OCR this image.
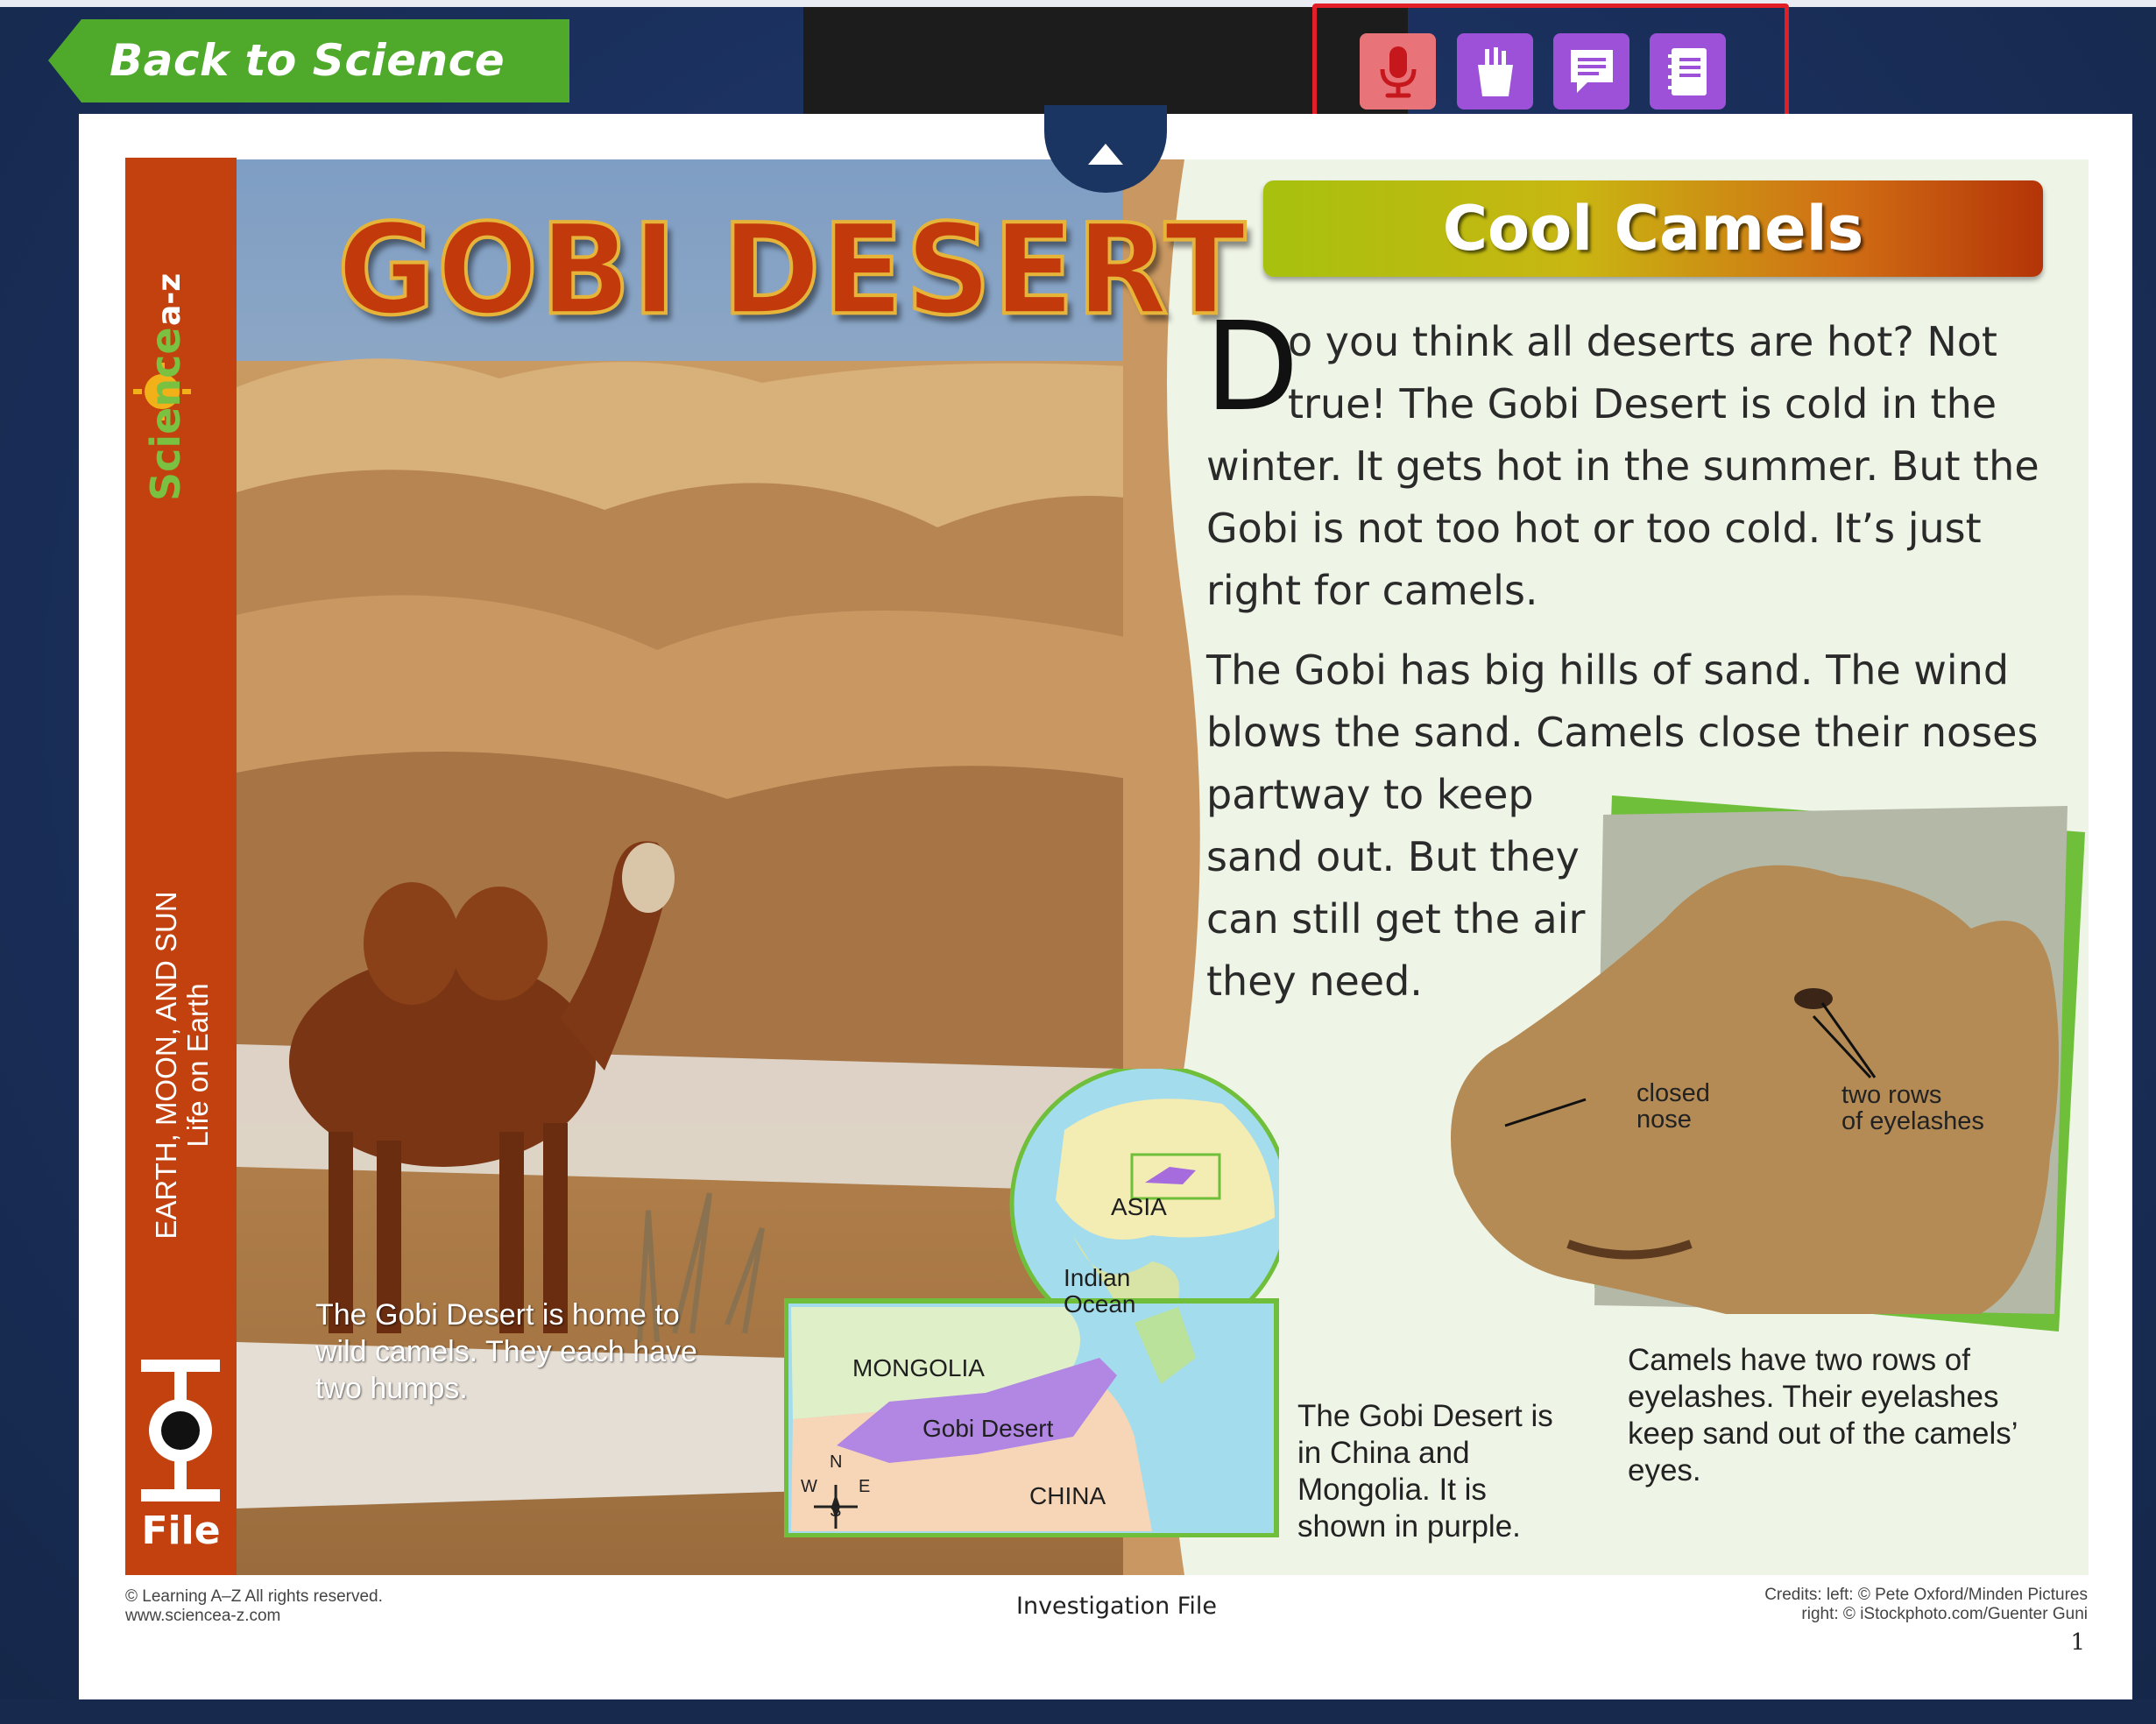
Back to Science
GOBI DESERT
The Gobi Desert is home to wild camels. They each have two humps.
Science
a-z
EARTH, MOON, AND SUN Life on Earth
File
Cool Camels
D

o you think all deserts are hot? Not true! The Gobi Desert is cold in the

winter. It gets hot in the summer. But the Gobi is not too hot or too cold. It’s just right for camels.

The Gobi has big hills of sand. The wind blows the sand. Camels close their noses

partway to keep sand out. But they can still get the air they need.

closed
nose
two rows
of eyelashes
Camels have two rows of eyelashes. Their eyelashes keep sand out of the camels’ eyes.
ASIA
Indian
Ocean
MONGOLIA
Gobi Desert
CHINA
N
S
E
W
The Gobi Desert is in China and Mongolia. It is shown in purple.
© Learning A–Z All rights reserved.
www.sciencea-z.com	Investigation File	Credits: left: © Pete Oxford/Minden Pictures
right: © iStockphoto.com/Guenter Guni
1
